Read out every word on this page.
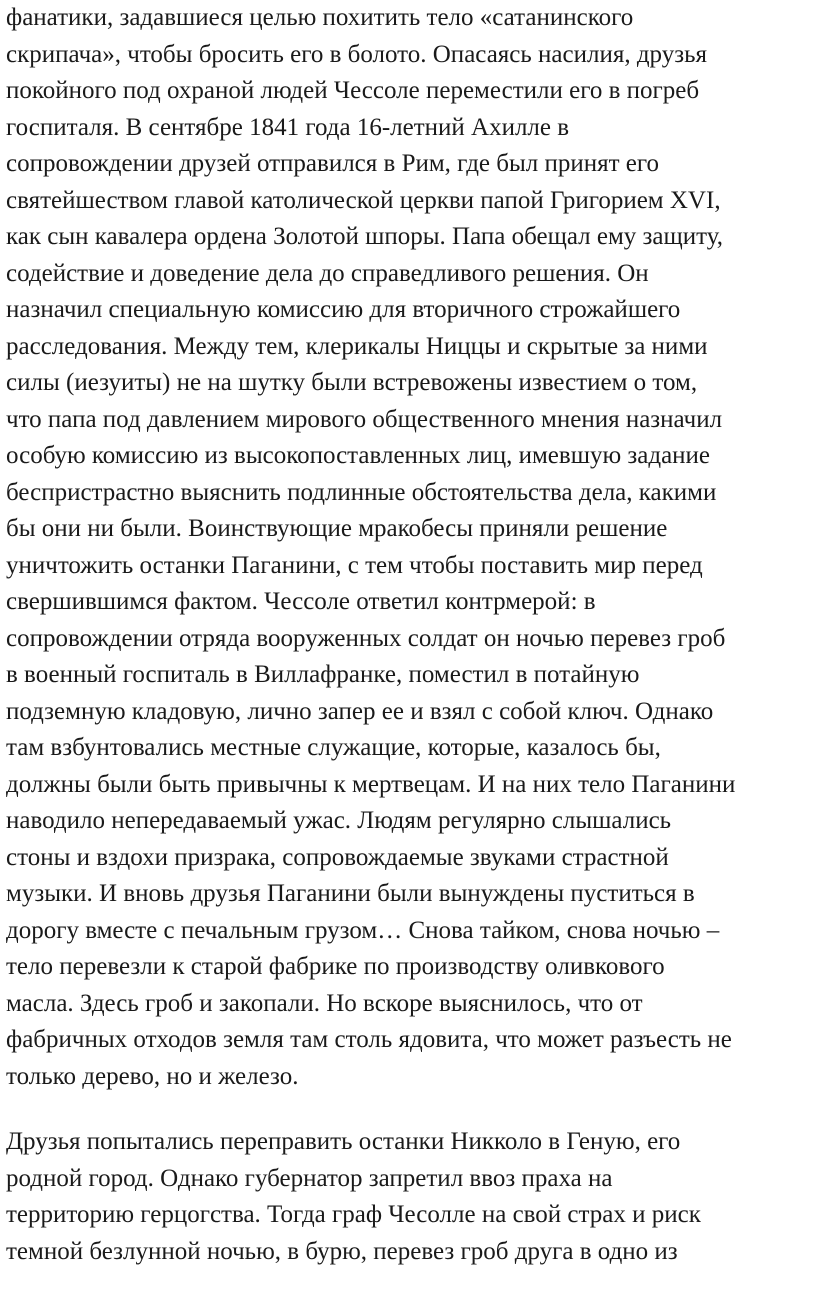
фанатики, задавшиеся целью похитить тело «сатанинского
скрипача», чтобы бросить его в болото. Опасаясь насилия, друзья
покойного под охраной людей Чессоле переместили его в погреб
госпиталя. В сентябре 1841 года 16-летний Ахилле в
сопровождении друзей отправился в Рим, где был принят его
святейшеством главой католической церкви папой Григорием XVI,
как сын кавалера ордена Золотой шпоры. Папа обещал ему защиту,
содействие и доведение дела до справедливого решения. Он
назначил специальную комиссию для вторичного строжайшего
расследования. Между тем, клерикалы Ниццы и скрытые за ними
силы (иезуиты) не на шутку были встревожены известием о том,
что папа под давлением мирового общественного мнения назначил
особую комиссию из высокопоставленных лиц, имевшую задание
беспристрастно выяснить подлинные обстоятельства дела, какими
бы они ни были. Воинствующие мракобесы приняли решение
уничтожить останки Паганини, с тем чтобы поставить мир перед
свершившимся фактом. Чессоле ответил контрмерой: в
сопровождении отряда вооруженных солдат он ночью перевез гроб
в военный госпиталь в Виллафранке, поместил в потайную
подземную кладовую, лично запер ее и взял с собой ключ. Однако
там взбунтовались местные служащие, которые, казалось бы,
должны были быть привычны к мертвецам. И на них тело Паганини
наводило непередаваемый ужас. Людям регулярно слышались
стоны и вздохи призрака, сопровождаемые звуками страстной
музыки. И вновь друзья Паганини были вынуждены пуститься в
дорогу вместе с печальным грузом… Снова тайком, снова ночью –
тело перевезли к старой фабрике по производству оливкового
масла. Здесь гроб и закопали. Но вскоре выяснилось, что от
фабричных отходов земля там столь ядовита, что может разъесть не
только дерево, но и железо.

Друзья попытались переправить останки Никколо в Геную, его
родной город. Однако губернатор запретил ввоз праха на
территорию герцогства. Тогда граф Чесолле на свой страх и риск
темной безлунной ночью, в бурю, перевез гроб друга в одно из
